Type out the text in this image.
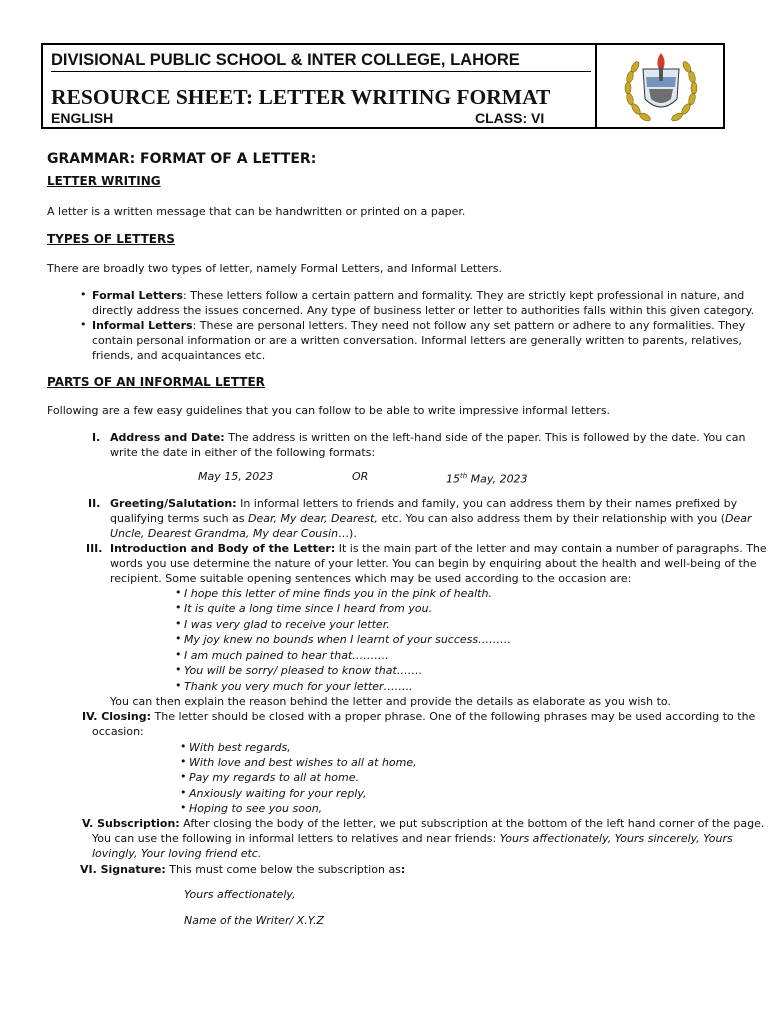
DIVISIONAL PUBLIC SCHOOL & INTER COLLEGE, LAHORE
RESOURCE SHEET: LETTER WRITING FORMAT
ENGLISH	CLASS: VI
GRAMMAR: FORMAT OF A LETTER:
LETTER WRITING
A letter is a written message that can be handwritten or printed on a paper.
TYPES OF LETTERS
There are broadly two types of letter, namely Formal Letters, and Informal Letters.
• Formal Letters: These letters follow a certain pattern and formality. They are strictly kept professional in nature, and
directly address the issues concerned. Any type of business letter or letter to authorities falls within this given category.
• Informal Letters: These are personal letters. They need not follow any set pattern or adhere to any formalities. They
contain personal information or are a written conversation. Informal letters are generally written to parents, relatives,
friends, and acquaintances etc.
PARTS OF AN INFORMAL LETTER
Following are a few easy guidelines that you can follow to be able to write impressive informal letters.
I. Address and Date: The address is written on the left-hand side of the paper. This is followed by the date. You can
write the date in either of the following formats:
May 15, 2023	OR	15th May, 2023
II. Greeting/Salutation: In informal letters to friends and family, you can address them by their names prefixed by
qualifying terms such as Dear, My dear, Dearest, etc. You can also address them by their relationship with you (Dear
Uncle, Dearest Grandma, My dear Cousin…).
III. Introduction and Body of the Letter: It is the main part of the letter and may contain a number of paragraphs. The
words you use determine the nature of your letter. You can begin by enquiring about the health and well-being of the
recipient. Some suitable opening sentences which may be used according to the occasion are:
• I hope this letter of mine finds you in the pink of health.
• It is quite a long time since I heard from you.
• I was very glad to receive your letter.
• My joy knew no bounds when I learnt of your success………
• I am much pained to hear that……….
• You will be sorry/ pleased to know that…….
• Thank you very much for your letter……..
You can then explain the reason behind the letter and provide the details as elaborate as you wish to.
IV. Closing: The letter should be closed with a proper phrase. One of the following phrases may be used according to the
occasion:
• With best regards,
• With love and best wishes to all at home,
• Pay my regards to all at home.
• Anxiously waiting for your reply,
• Hoping to see you soon,
V. Subscription: After closing the body of the letter, we put subscription at the bottom of the left hand corner of the page.
You can use the following in informal letters to relatives and near friends: Yours affectionately, Yours sincerely, Yours
lovingly, Your loving friend etc.
VI. Signature: This must come below the subscription as:
Yours affectionately,
Name of the Writer/ X.Y.Z
